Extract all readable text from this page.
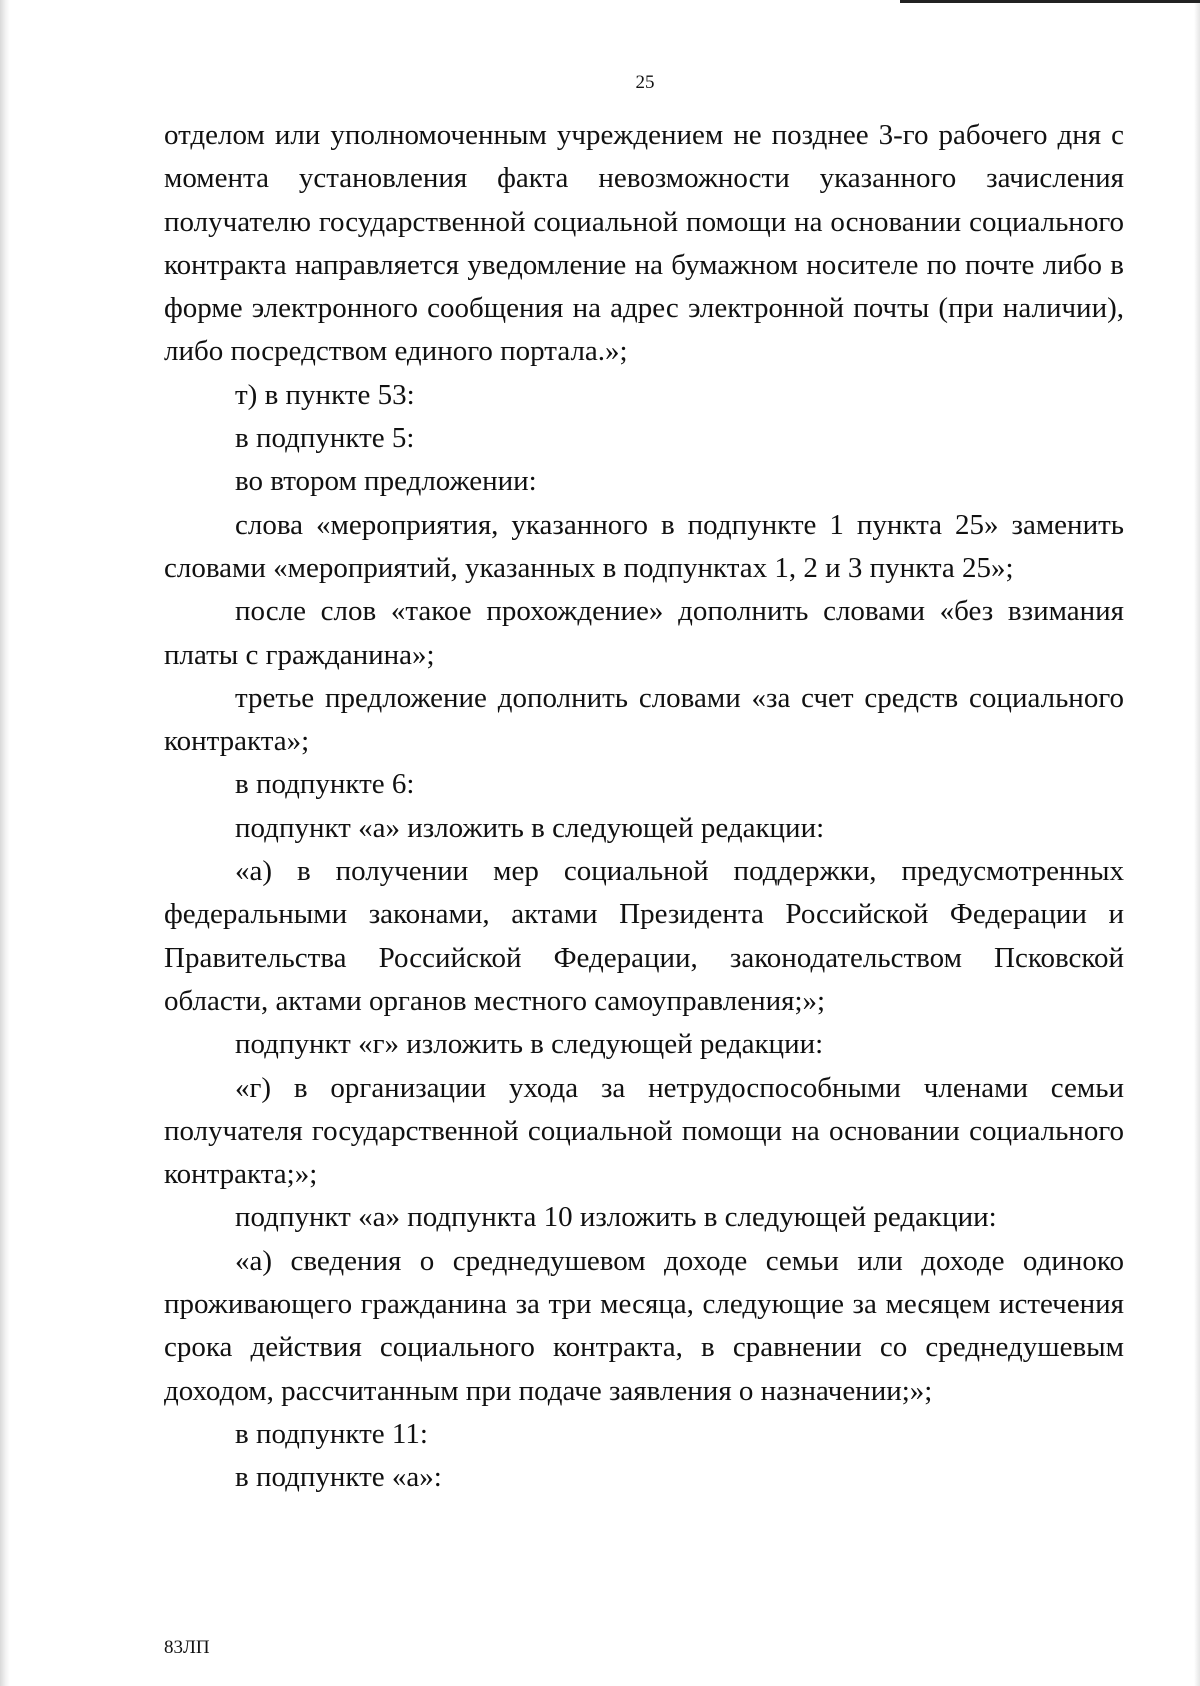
25

отделом или уполномоченным учреждением не позднее 3-го рабочего дня с момента установления факта невозможности указанного зачисления получателю государственной социальной помощи на основании социального контракта направляется уведомление на бумажном носителе по почте либо в форме электронного сообщения на адрес электронной почты (при наличии), либо посредством единого портала.»;

т) в пункте 53:

в подпункте 5:

во втором предложении:

слова «мероприятия, указанного в подпункте 1 пункта 25» заменить словами «мероприятий, указанных в подпунктах 1, 2 и 3 пункта 25»;

после слов «такое прохождение» дополнить словами «без взимания платы с гражданина»;

третье предложение дополнить словами «за счет средств социального контракта»;

в подпункте 6:

подпункт «а» изложить в следующей редакции:

«а) в получении мер социальной поддержки, предусмотренных федеральными законами, актами Президента Российской Федерации и Правительства Российской Федерации, законодательством Псковской области, актами органов местного самоуправления;»;

подпункт «г» изложить в следующей редакции:

«г) в организации ухода за нетрудоспособными членами семьи получателя государственной социальной помощи на основании социального контракта;»;

подпункт «а» подпункта 10 изложить в следующей редакции:

«а) сведения о среднедушевом доходе семьи или доходе одиноко проживающего гражданина за три месяца, следующие за месяцем истечения срока действия социального контракта, в сравнении со среднедушевым доходом, рассчитанным при подаче заявления о назначении;»;

в подпункте 11:

в подпункте «а»:

83ЛП
